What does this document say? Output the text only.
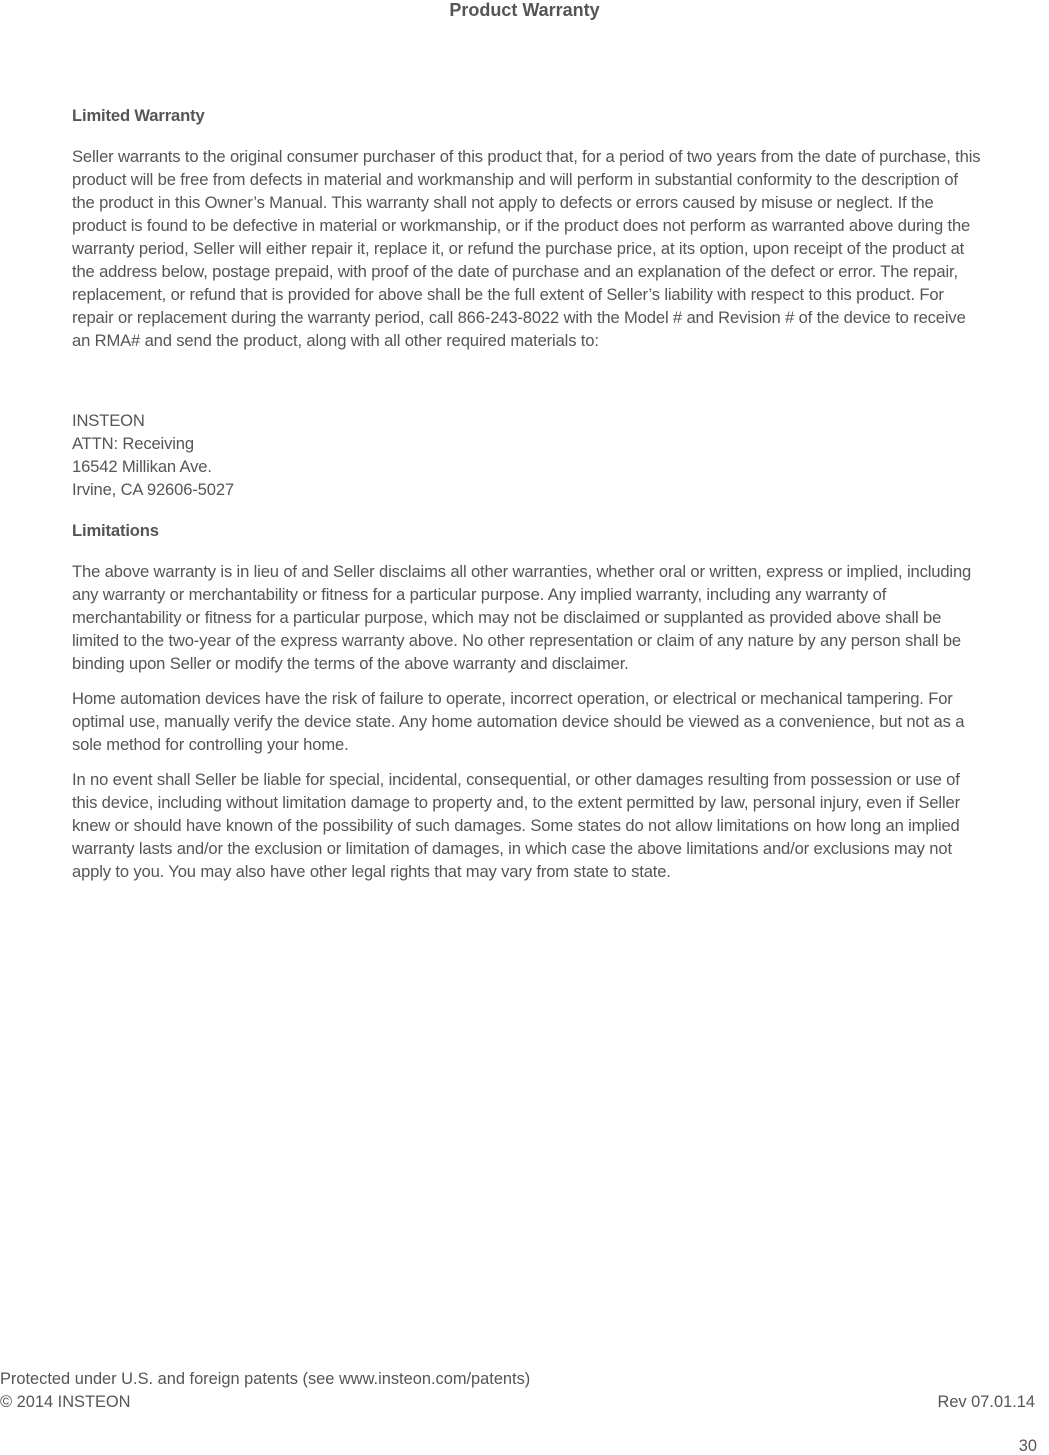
Product Warranty
Limited Warranty

Seller warrants to the original consumer purchaser of this product that, for a period of two years from the date of purchase, this product will be free from defects in material and workmanship and will perform in substantial conformity to the description of the product in this Owner’s Manual. This warranty shall not apply to defects or errors caused by misuse or neglect. If the product is found to be defective in material or workmanship, or if the product does not perform as warranted above during the warranty period, Seller will either repair it, replace it, or refund the purchase price, at its option, upon receipt of the product at the address below, postage prepaid, with proof of the date of purchase and an explanation of the defect or error. The repair, replacement, or refund that is provided for above shall be the full extent of Seller’s liability with respect to this product. For repair or replacement during the warranty period, call 866-243-8022 with the Model # and Revision # of the device to receive an RMA# and send the product, along with all other required materials to:

INSTEON
ATTN: Receiving
16542 Millikan Ave.
Irvine, CA 92606-5027
Limitations

The above warranty is in lieu of and Seller disclaims all other warranties, whether oral or written, express or implied, including any warranty or merchantability or fitness for a particular purpose. Any implied warranty, including any warranty of merchantability or fitness for a particular purpose, which may not be disclaimed or supplanted as provided above shall be limited to the two-year of the express warranty above. No other representation or claim of any nature by any person shall be binding upon Seller or modify the terms of the above warranty and disclaimer.

Home automation devices have the risk of failure to operate, incorrect operation, or electrical or mechanical tampering. For optimal use, manually verify the device state. Any home automation device should be viewed as a convenience, but not as a sole method for controlling your home.

In no event shall Seller be liable for special, incidental, consequential, or other damages resulting from possession or use of this device, including without limitation damage to property and, to the extent permitted by law, personal injury, even if Seller knew or should have known of the possibility of such damages. Some states do not allow limitations on how long an implied warranty lasts and/or the exclusion or limitation of damages, in which case the above limitations and/or exclusions may not apply to you. You may also have other legal rights that may vary from state to state.

Protected under U.S. and foreign patents (see www.insteon.com/patents)
© 2014 INSTEON	Rev 07.01.14
30
